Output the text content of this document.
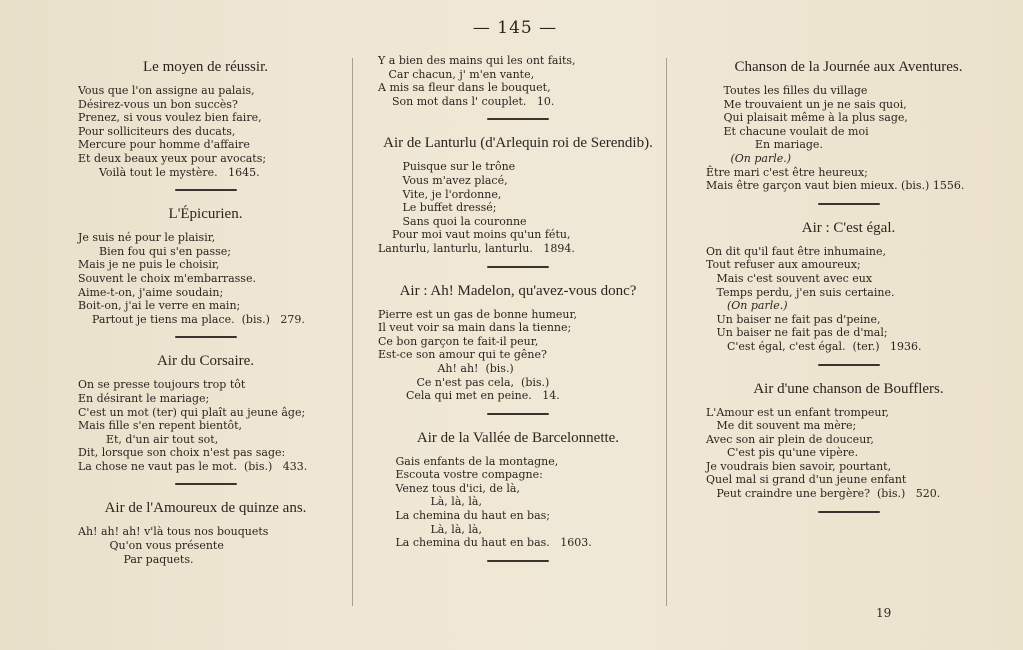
— 145 —
Le moyen de réussir.
Vous que l'on assigne au palais,
Désirez-vous un bon succès?
Prenez, si vous voulez bien faire,
Pour solliciteurs des ducats,
Mercure pour homme d'affaire
Et deux beaux yeux pour avocats;
Voilà tout le mystère.   1645.
L'Épicurien.
Je suis né pour le plaisir,
Bien fou qui s'en passe;
Mais je ne puis le choisir,
Souvent le choix m'embarrasse.
Aime-t-on, j'aime soudain;
Boit-on, j'ai le verre en main;
Partout je tiens ma place.  (bis.)   279.
Air du Corsaire.
On se presse toujours trop tôt
En désirant le mariage;
C'est un mot (ter) qui plaît au jeune âge;
Mais fille s'en repent bientôt,
Et, d'un air tout sot,
Dit, lorsque son choix n'est pas sage:
La chose ne vaut pas le mot.  (bis.)   433.
Air de l'Amoureux de quinze ans.
Ah! ah! ah! v'là tous nos bouquets
Qu'on vous présente
Par paquets.
Y a bien des mains qui les ont faits,
Car chacun, j' m'en vante,
A mis sa fleur dans le bouquet,
Son mot dans l' couplet.   10.
Air de Lanturlu (d'Arlequin roi de Serendib).
Puisque sur le trône
Vous m'avez placé,
Vite, je l'ordonne,
Le buffet dressé;
Sans quoi la couronne
Pour moi vaut moins qu'un fétu,
Lanturlu, lanturlu, lanturlu.   1894.
Air : Ah! Madelon, qu'avez-vous donc?
Pierre est un gas de bonne humeur,
Il veut voir sa main dans la tienne;
Ce bon garçon te fait-il peur,
Est-ce son amour qui te gêne?
Ah! ah!  (bis.)
Ce n'est pas cela,  (bis.)
Cela qui met en peine.   14.
Air de la Vallée de Barcelonnette.
Gais enfants de la montagne,
Escouta vostre compagne:
Venez tous d'ici, de là,
Là, là, là,
La chemina du haut en bas;
Là, là, là,
La chemina du haut en bas.   1603.
Chanson de la Journée aux Aventures.
Toutes les filles du village
Me trouvaient un je ne sais quoi,
Qui plaisait même à la plus sage,
Et chacune voulait de moi
En mariage.
(On parle.)
Être mari c'est être heureux;
Mais être garçon vaut bien mieux. (bis.) 1556.
Air : C'est égal.
On dit qu'il faut être inhumaine,
Tout refuser aux amoureux;
Mais c'est souvent avec eux
Temps perdu, j'en suis certaine.
(On parle.)
Un baiser ne fait pas d'peine,
Un baiser ne fait pas de d'mal;
C'est égal, c'est égal.  (ter.)   1936.
Air d'une chanson de Boufflers.
L'Amour est un enfant trompeur,
Me dit souvent ma mère;
Avec son air plein de douceur,
C'est pis qu'une vipère.
Je voudrais bien savoir, pourtant,
Quel mal si grand d'un jeune enfant
Peut craindre une bergère?  (bis.)   520.
19
